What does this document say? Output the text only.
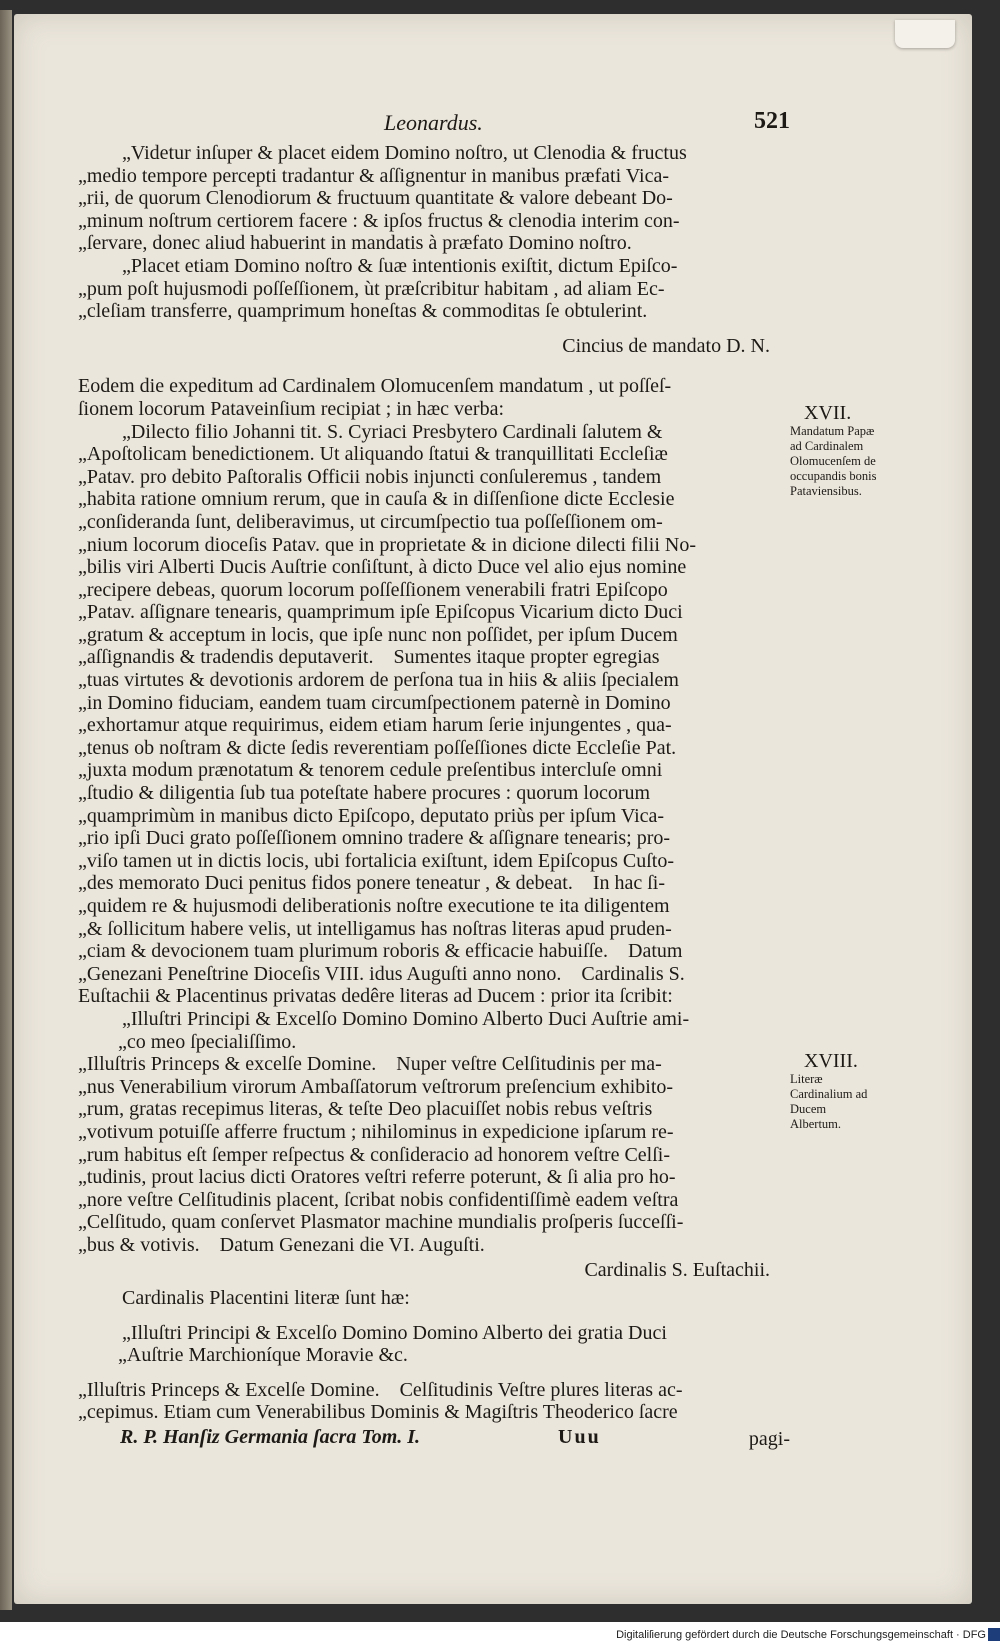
Leonardus.	521

„Videtur inſuper & placet eidem Domino noſtro, ut Clenodia & fructus

„medio tempore percepti tradantur & aſſignentur in manibus præfati Vica-

„rii, de quorum Clenodiorum & fructuum quantitate & valore debeant Do-

„minum noſtrum certiorem facere : & ipſos fructus & clenodia interim con-

„ſervare, donec aliud habuerint in mandatis à præfato Domino noſtro.

„Placet etiam Domino noſtro & ſuæ intentionis exiſtit, dictum Epiſco-

„pum poſt hujusmodi poſſeſſionem, ùt præſcribitur habitam , ad aliam Ec-

„cleſiam transferre, quamprimum honeſtas & commoditas ſe obtulerint.

Cincius de mandato D. N.

Eodem die expeditum ad Cardinalem Olomucenſem mandatum , ut poſſeſ-

ſionem locorum Pataveinſium recipiat ; in hæc verba:

„Dilecto filio Johanni tit. S. Cyriaci Presbytero Cardinali ſalutem &

„Apoſtolicam benedictionem. Ut aliquando ſtatui & tranquillitati Eccleſiæ

„Patav. pro debito Paſtoralis Officii nobis injuncti conſuleremus , tandem

„habita ratione omnium rerum, que in cauſa & in diſſenſione dicte Ecclesie

„conſideranda ſunt, deliberavimus, ut circumſpectio tua poſſeſſionem om-

„nium locorum dioceſis Patav. que in proprietate & in dicione dilecti filii No-

„bilis viri Alberti Ducis Auſtrie conſiſtunt, à dicto Duce vel alio ejus nomine

„recipere debeas, quorum locorum poſſeſſionem venerabili fratri Epiſcopo

„Patav. aſſignare tenearis, quamprimum ipſe Epiſcopus Vicarium dicto Duci

„gratum & acceptum in locis, que ipſe nunc non poſſidet, per ipſum Ducem

„aſſignandis & tradendis deputaverit.    Sumentes itaque propter egregias

„tuas virtutes & devotionis ardorem de perſona tua in hiis & aliis ſpecialem

„in Domino fiduciam, eandem tuam circumſpectionem paternè in Domino

„exhortamur atque requirimus, eidem etiam harum ſerie injungentes , qua-

„tenus ob noſtram & dicte ſedis reverentiam poſſeſſiones dicte Eccleſie Pat.

„juxta modum prænotatum & tenorem cedule preſentibus intercluſe omni

„ſtudio & diligentia ſub tua poteſtate habere procures : quorum locorum

„quamprimùm in manibus dicto Epiſcopo, deputato priùs per ipſum Vica-

„rio ipſi Duci grato poſſeſſionem omnino tradere & aſſignare tenearis; pro-

„viſo tamen ut in dictis locis, ubi fortalicia exiſtunt, idem Epiſcopus Cuſto-

„des memorato Duci penitus fidos ponere teneatur , & debeat.    In hac ſi-

„quidem re & hujusmodi deliberationis noſtre executione te ita diligentem

„& ſollicitum habere velis, ut intelligamus has noſtras literas apud pruden-

„ciam & devocionem tuam plurimum roboris & efficacie habuiſſe.    Datum

„Genezani Peneſtrine Dioceſis VIII. idus Auguſti anno nono.    Cardinalis S.

Euſtachii & Placentinus privatas dedêre literas ad Ducem : prior ita ſcribit:

„Illuſtri Principi & Excelſo Domino Domino Alberto Duci Auſtrie ami-

„co meo ſpecialiſſimo.

„Illuſtris Princeps & excelſe Domine.    Nuper veſtre Celſitudinis per ma-

„nus Venerabilium virorum Ambaſſatorum veſtrorum preſencium exhibito-

„rum, gratas recepimus literas, & teſte Deo placuiſſet nobis rebus veſtris

„votivum potuiſſe afferre fructum ; nihilominus in expedicione ipſarum re-

„rum habitus eſt ſemper reſpectus & conſideracio ad honorem veſtre Celſi-

„tudinis, prout lacius dicti Oratores veſtri referre poterunt, & ſi alia pro ho-

„nore veſtre Celſitudinis placent, ſcribat nobis confidentiſſimè eadem veſtra

„Celſitudo, quam conſervet Plasmator machine mundialis proſperis ſucceſſi-

„bus & votivis.    Datum Genezani die VI. Auguſti.

Cardinalis S. Euſtachii.

Cardinalis Placentini literæ ſunt hæ:

„Illuſtri Principi & Excelſo Domino Domino Alberto dei gratia Duci

„Auſtrie Marchioníque Moravie &c.

„Illuſtris Princeps & Excelſe Domine.    Celſitudinis Veſtre plures literas ac-

„cepimus. Etiam cum Venerabilibus Dominis & Magiſtris Theoderico ſacre

R. P. Hanſiz Germania ſacra Tom. I.	Uuu	pagi-
XVII.
Mandatum Papæ ad Cardinalem Olomucenſem de occupandis bonis Pataviensibus.
XVIII.
Literæ Cardinalium ad Ducem Albertum.
Digitaliſierung gefördert durch die Deutsche Forschungsgemeinschaft · DFG
